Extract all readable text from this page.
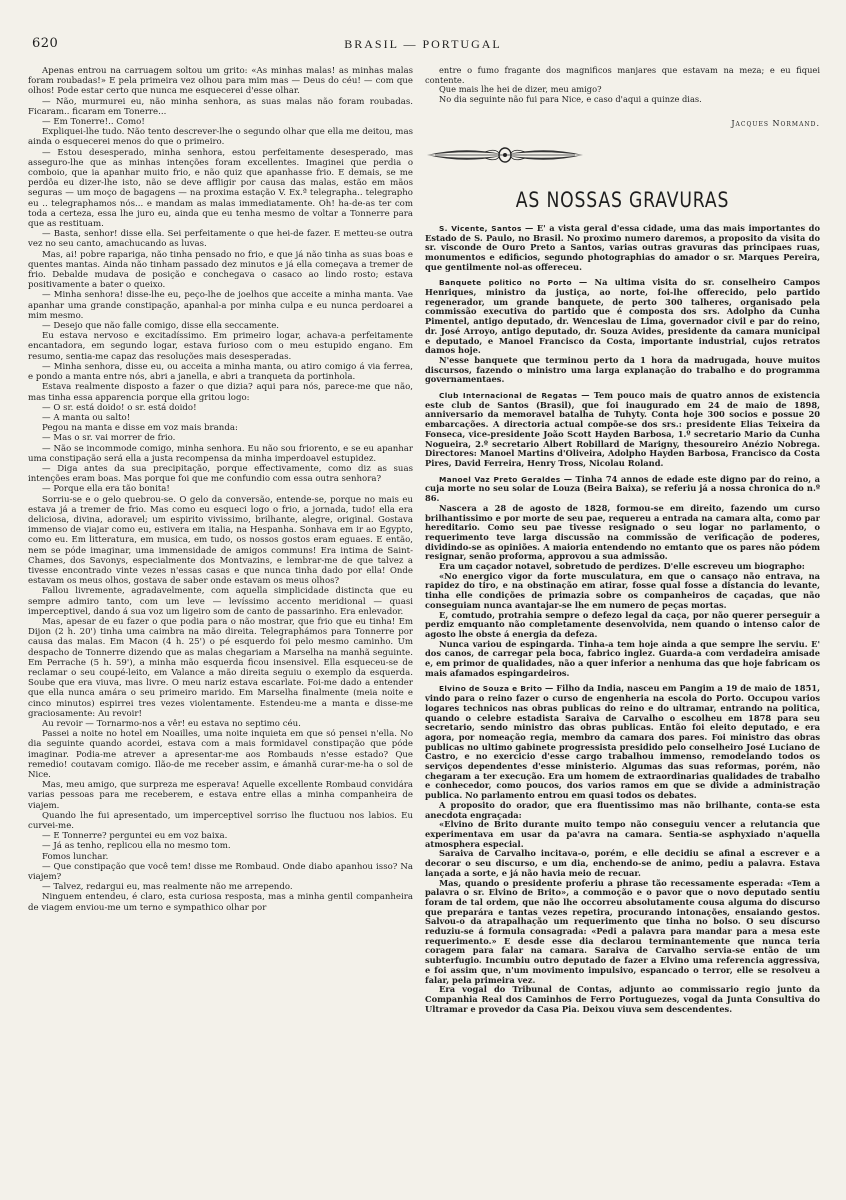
620	BRASIL — PORTUGAL

Apenas entrou na carruagem soltou um grito: «As minhas malas! as minhas malas foram roubadas!» E pela primeira vez olhou para mim mas — Deus do céu! — com que olhos! Pode estar certo que nunca me esquecerei d'esse olhar.

— Não, murmurei eu, não minha senhora, as suas malas não foram roubadas. Ficaram.. ficaram em Tonerre...

— Em Tonerre!.. Como!

Expliquei-lhe tudo. Não tento descrever-lhe o segundo olhar que ella me deitou, mas ainda o esquecerei menos do que o primeiro.

— Estou desesperado, minha senhora, estou perfeitamente desesperado, mas asseguro-lhe que as minhas intenções foram excellentes. Imaginei que perdia o comboio, que ia apanhar muito frio, e não quiz que apanhasse frio. E demais, se me perdôa eu dizer-lhe isto, não se deve affligir por causa das malas, estão em mãos seguras — um moço de bagagens — na proxima estação V. Ex.ª telegrapha.. telegrapho eu .. telegraphamos nós... e mandam as malas immediatamente. Oh! ha-de-as ter com toda a certeza, essa lhe juro eu, ainda que eu tenha mesmo de voltar a Tonnerre para que as restituam.

— Basta, senhor! disse ella. Sei perfeitamente o que hei-de fazer. E metteu-se outra vez no seu canto, amachucando as luvas.

Mas, ai! pobre raparigа, não tinha pensado no frio, e que já não tinha as suas boas e quentes mantas. Ainda não tinham passado dez minutos e já ella começava a tremer de frio. Debalde mudava de posição e conchegava o casaco ao lindo rosto; estava positivamente a bater o queixo.

— Minha senhora! disse-lhe eu, peço-lhe de joelhos que acceite a minha manta. Vae apanhar uma grande constipação, apanhal-a por minha culpa e eu nunca perdoarei a mim mesmo.

— Desejo que não falle comigo, disse ella seccamente.

Eu estava nervoso e excitadíssimo. Em primeiro logar, achava-a perfeitamente encantadora, em segundo logar, estava furioso com o meu estupido engano. Em resumo, sentia-me capaz das resoluções mais desesperadas.

— Minha senhora, disse eu, ou acceita a minha manta, ou atiro comigo á via ferrea, e pondo a manta entre nós, abri a janella, e abri a tranqueta da portinhola.

Estava realmente disposto a fazer o que dizia? aqui para nós, parece-me que não, mas tinha essa apparencia porque ella gritou logo:

— O sr. está doido! o sr. está doido!

— A manta ou salto!

Pegou na manta e disse em voz mais branda:

— Mas o sr. vai morrer de frio.

— Não se incommode comigo, minha senhora. Eu não sou friorento, e se eu apanhar uma constipação será ella a justa recompensa da minha imperdoavel estupidez.

— Diga antes da sua precipitação, porque effectivamente, como diz as suas intenções eram boas. Mas porque foi que me confundio com essa outra senhora?

— Porque ella era tão bonita!

Sorriu-se e o gelo quebrou-se. O gelo da conversão, entende-se, porque no mais eu estava já a tremer de frio. Mas como eu esqueci logo o frio, a jornada, tudo! ella era deliciosa, divina, adoravel; um espirito vivissimo, brilhante, alegre, original. Gostava immenso de viajar como eu, estivera em italia, na Hespanha. Sonhava em ir ao Egypto, como eu. Em litteratura, em musica, em tudo, os nossos gostos eram eguaes. E então, nem se póde imaginar, uma immensidade de amigos communs! Era intima de Saint-Chames, dos Savonys, especialmente dos Montvazins, e lembrar-me de que talvez a tivesse encontrado vinte vezes n'essas casas e que nunca tinha dado por ella! Onde estavam os meus olhos, gostava de saber onde estavam os meus olhos?

Fallou livremente, agradavelmente, com aquella simplicidade distincta que eu sempre admiro tanto, com um leve — levíssimo accento meridional — quasi imperceptivel, dando á sua voz um ligeiro som de canto de passarinho. Era enlevador.

Mas, apesar de eu fazer o que podia para o não mostrar, que frio que eu tinha! Em Dijon (2 h. 20') tinha uma caimbra na mão direita. Telegraphámos para Tonnerre por causa das malas. Em Macon (4 h. 25') o pé esquerdo foi pelo mesmo caminho. Um despacho de Tonnerre dizendo que as malas chegariam a Marselha na manhã seguinte. Em Perrache (5 h. 59'), a minha mão esquerda ficou insensivel. Ella esqueceu-se de reclamar o seu coupé-leito, em Valance a mão direita seguiu o exemplo da esquerda. Soube que era viuva, mas livre. O meu nariz estava escarlate. Foi-me dado a entender que ella nunca amára o seu primeiro marido. Em Marselha finalmente (meia noite e cinco minutos) espirrei tres vezes violentamente. Estendeu-me a manta e disse-me graciosamente: Au revoir!

Au revoir — Tornarmo-nos a vêr! eu estava no septimo céu.

Passei a noite no hotel em Noailles, uma noite inquieta em que só pensei n'ella. No dia seguinte quando acordei, estava com a mais formidavel constipação que póde imaginar. Podia-me atrever a apresentar-me aos Rombauds n'esse estado? Que remedio! coutavam comigo. Ilão-de me receber assim, e ámanhã curar-me-ha o sol de Nice.

Mas, meu amigo, que surpreza me esperava! Aquelle excellente Rombaud convidára varias pessoas para me receberem, e estava entre ellas a minha companheira de viajem.

Quando lhe fui apresentado, um imperceptivel sorriso lhe fluctuou nos labios. Eu curvei-me.

— E Tonnerre? perguntei eu em voz baixa.

— Já as tenho, replicou ella no mesmo tom.

Fomos lunchar.

— Que constipação que você tem! disse me Rombaud. Onde diabo apanhou isso? Na viajem?

— Talvez, redargui eu, mas realmente não me arrependo.

Ninguem entendeu, é claro, esta curiosa resposta, mas a minha gentil companheira de viagem enviou-me um terno e sympathico olhar por

entre o fumo fragante dos magnificos manjares que estavam na meza; e eu fiquei contente.

Que mais lhe hei de dizer, meu amigo?

No dia seguinte não fui para Nice, e caso d'aqui a quinze dias.

Jacques Normand.
AS NOSSAS GRAVURAS

S. Vicente, Santos — E' a vista geral d'essa cidade, uma das mais importantes do Estado de S. Paulo, no Brasil. No proximo numero daremos, a proposito da visita do sr. visconde de Ouro Preto a Santos, varias outras gravuras das principaes ruas, monumentos e edificios, segundo photographias do amador o sr. Marques Pereira, que gentilmente nol-as offereceu.

Banquete politico no Porto — Na ultima visita do sr. conselheiro Campos Henriques, ministro da justiça, ao norte, foi-lhe offerecido, pelo partido regenerador, um grande banquete, de perto 300 talheres, organisado pela commissão executiva do partido que é composta dos srs. Adolpho da Cunha Pimentel, antigo deputado, dr. Wenceslau de Lima, governador civil e par do reino, dr. José Arroyo, antigo deputado, dr. Souza Avides, presidente da camara municipal e deputado, e Manoel Francisco da Costa, importante industrial, cujos retratos damos hoje.

N'esse banquete que terminou perto da 1 hora da madrugada, houve muitos discursos, fazendo o ministro uma larga explanação do trabalho e do programma governamentaes.

Club Internacional de Regatas — Tem pouco mais de quatro annos de existencia este club de Santos (Brasil), que foi inaugurado em 24 de maio de 1898, anniversario da memoravel batalha de Tuhyty. Conta hoje 300 socios e possue 20 embarcações. A directoria actual compõe-se dos srs.: presidente Elias Teixeira da Fonseca, vice-presidente João Scott Hayden Barbosa, 1.º secretario Mario da Cunha Nogueira, 2.º secretario Albert Robillard de Marigny, thesoureiro Anézio Nobrega. Directores: Manoel Martins d'Oliveira, Adolpho Hayden Barbosa, Francisco da Costa Pires, David Ferreira, Henry Tross, Nicolau Roland.

Manoel Vaz Preto Geraldes — Tinha 74 annos de edade este digno par do reino, a cuja morte no seu solar de Louza (Beira Baixa), se referiu já a nossa chronica do n.º 86.

Nascera a 28 de agosto de 1828, formou-se em direito, fazendo um curso brilhantissimo e por morte de seu pae, requereu a entrada na camara alta, como par hereditario. Como seu pae tivesse resignado o seu logar no parlamento, o requerimento teve larga discussão na commissão de verificação de poderes, dividindo-se as opiniões. A maioria entendendo no emtanto que os pares não pódem resignar, senão proforma, approvou a sua admissão.

Era um caçador notavel, sobretudo de perdizes. D'elle escreveu um biographo:

«No energico vigor da forte musculatura, em que o cansaço não entrava, na rapidez do tiro, e na obstinação em atirar, fosse qual fosse a distancia do levante, tinha elle condições de primazia sobre os companheiros de caçadas, que não conseguiam nunca avantajar-se lhe em numero de peças mortas.

E, comtudo, protrahia sempre o defezo legal da caça, por não querer perseguir a perdiz emquanto não completamente desenvolvida, nem quando o intenso calor de agosto lhe obste á energia da defeza.

Nunca variou de espingarda. Tinha-a tem hoje ainda a que sempre lhe serviu. E' dos canos, de carregar pela boca, fabrico inglez. Guarda-a com verdadeira amisade e, em primor de qualidades, não a quer inferior a nenhuma das que hoje fabricam os mais afamados espingardeiros.

Elvino de Souza e Brito — Filho da India, nasceu em Pangim a 19 de maio de 1851, vindo para o reino fazer o curso de engenheria na escola do Porto. Occupou varios logares technicos nas obras publicas do reino e do ultramar, entrando na politica, quando o celebre estadista Saraiva de Carvalho o escolheu em 1878 para seu secretario, sendo ministro das obras publicas. Então foi eleito deputado, e era agora, por nomeação regia, membro da camara dos pares. Foi ministro das obras publicas no ultimo gabinete progressista presidido pelo conselheiro José Luciano de Castro, e no exercicio d'esse cargo trabalhou immenso, remodelando todos os serviços dependentes d'esse ministerio. Algumas das suas reformas, porém, não chegaram a ter execução. Era um homem de extraordinarias qualidades de trabalho e conhecedor, como poucos, dos varios ramos em que se divide a administração publica. No parlamento entrou em quasi todos os debates.

A proposito do orador, que era fluentissimo mas não brilhante, conta-se esta anecdota engraçada:

«Elvino de Brito durante muito tempo não conseguiu vencer a relutancia que experimentava em usar da pa'avra na camara. Sentia-se asphyxiado n'aquella atmosphera especial.

Saraiva de Carvalho incitava-o, porém, e elle decidiu se afinal a escrever e a decorar o seu discurso, e um dia, enchendo-se de animo, pediu a palavra. Estava lançada a sorte, e já não havia meio de recuar.

Mas, quando o presidente proferiu a phrase tão recessamente esperada: «Tem a palavra o sr. Elvino de Brito», a commoção e o pavor que o novo deputado sentiu foram de tal ordem, que não lhe occorreu absolutamente cousa alguma do discurso que preparára e tantas vezes repetira, procurando intonações, ensaiando gestos. Salvou-o da atrapalhação um requerimento que tinha no bolso. O seu discurso reduziu-se á formula consagrada: «Pedi a palavra para mandar para a mesa este requerimento.» E desde esse dia declarou terminantemente que nunca teria coragem para falar na camara. Saraiva de Carvalho servia-se então de um subterfugio. Incumbiu outro deputado de fazer a Elvino uma referencia aggressiva, e foi assim que, n'um movimento impulsivo, espancado o terror, elle se resolveu a falar, pela primeira vez.

Era vogal do Tribunal de Contas, adjunto ao commissario regio junto da Companhia Real dos Caminhos de Ferro Portuguezes, vogal da Junta Consultiva do Ultramar e provedor da Casa Pia. Deixou viuva sem descendentes.
